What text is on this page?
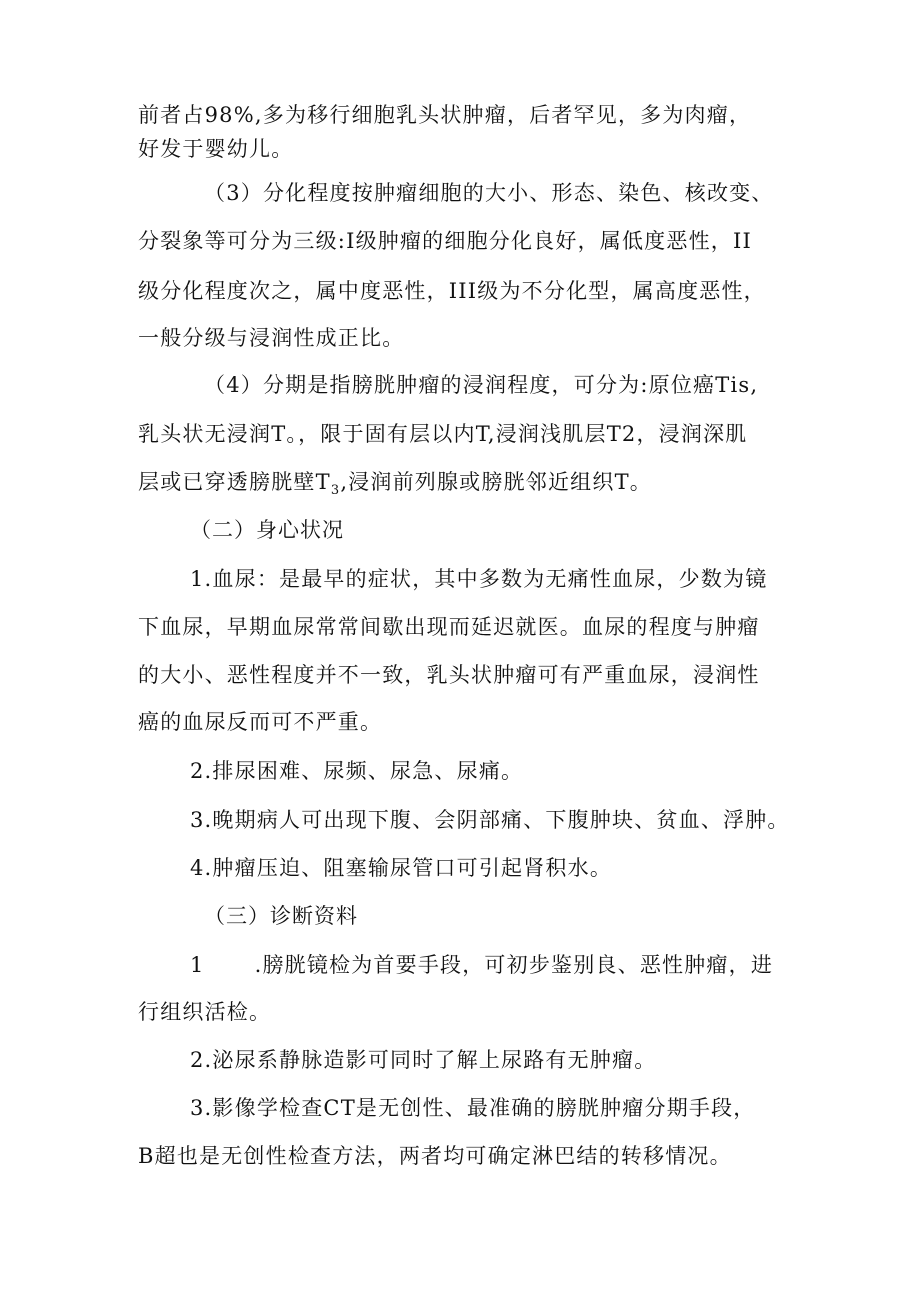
前者占98%,多为移行细胞乳头状肿瘤，后者罕见，多为肉瘤，
好发于婴幼儿。
（3）分化程度按肿瘤细胞的大小、形态、染色、核改变、
分裂象等可分为三级:Ⅰ级肿瘤的细胞分化良好，属低度恶性，II
级分化程度次之，属中度恶性，III级为不分化型，属高度恶性，
一般分级与浸润性成正比。
（4）分期是指膀胱肿瘤的浸润程度，可分为:原位癌Tis,
乳头状无浸润T。，限于固有层以内T,浸润浅肌层T2，浸润深肌
层或已穿透膀胱壁$T_3$,浸润前列腺或膀胱邻近组织T。
（二）身心状况
1.血尿：是最早的症状，其中多数为无痛性血尿，少数为镜
下血尿，早期血尿常常间歇出现而延迟就医。血尿的程度与肿瘤
的大小、恶性程度并不一致，乳头状肿瘤可有严重血尿，浸润性
癌的血尿反而可不严重。
2.排尿困难、尿频、尿急、尿痛。
3.晚期病人可出现下腹、会阴部痛、下腹肿块、贫血、浮肿。
4.肿瘤压迫、阻塞输尿管口可引起肾积水。
（三）诊断资料
1 .膀胱镜检为首要手段，可初步鉴别良、恶性肿瘤，进
行组织活检。
2.泌尿系静脉造影可同时了解上尿路有无肿瘤。
3.影像学检查CT是无创性、最准确的膀胱肿瘤分期手段，
B超也是无创性检查方法，两者均可确定淋巴结的转移情况。
